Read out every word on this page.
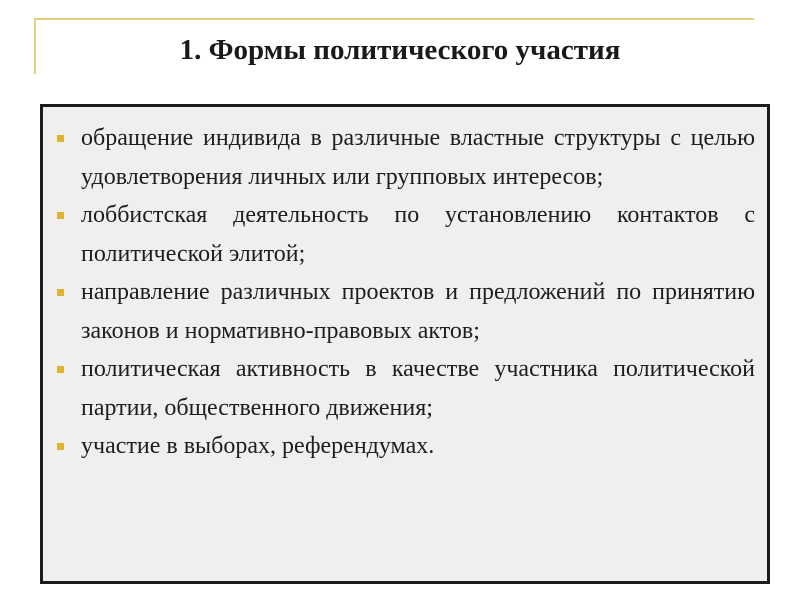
1. Формы политического участия
обращение индивида в различные властные структуры с целью удовлетворения личных или групповых интересов;
лоббистская деятельность по установлению контактов с политической элитой;
направление различных проектов и предложений по принятию законов и нормативно-правовых актов;
политическая активность в качестве участника политической партии, общественного движения;
участие в выборах, референдумах.
